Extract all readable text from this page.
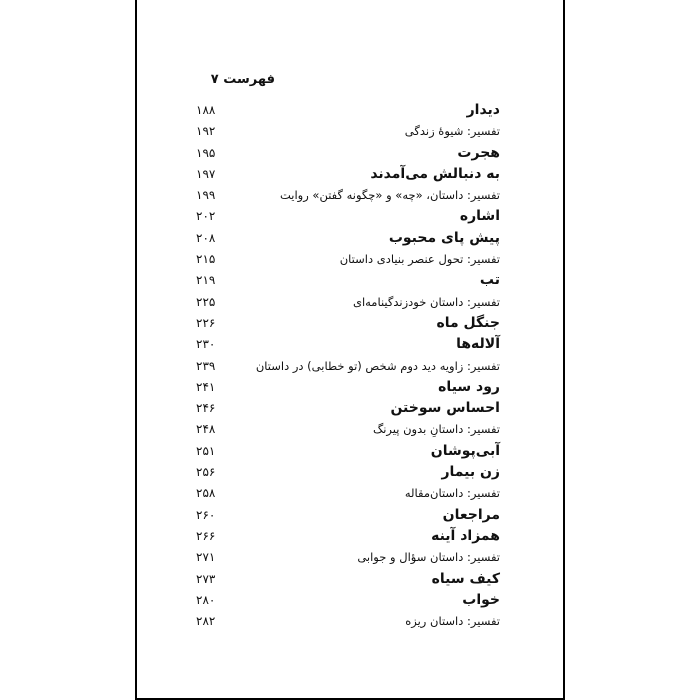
فهرست ۷
دیدار
۱۸۸
تفسیر: شیوهٔ زندگی
۱۹۲
هجرت
۱۹۵
به دنبالش می‌آمدند
۱۹۷
تفسیر: داستان، «چه» و «چگونه گفتن» روایت
۱۹۹
اشاره
۲۰۲
پیش پای محبوب
۲۰۸
تفسیر: تحول عنصر بنیادی داستان
۲۱۵
تب
۲۱۹
تفسیر: داستان خودزندگینامه‌ای
۲۲۵
جنگل ماه
۲۲۶
آلاله‌ها
۲۳۰
تفسیر: زاویه دید دوم شخص (تو خطابی) در داستان
۲۳۹
رود سیاه
۲۴۱
احساس سوختن
۲۴۶
تفسیر: داستانِ بدون پیرنگ
۲۴۸
آبی‌پوشان
۲۵۱
زن بیمار
۲۵۶
تفسیر: داستان‌مقاله
۲۵۸
مراجعان
۲۶۰
همزاد آینه
۲۶۶
تفسیر: داستان سؤال و جوابی
۲۷۱
کیف سیاه
۲۷۳
خواب
۲۸۰
تفسیر: داستان ریزه
۲۸۲
